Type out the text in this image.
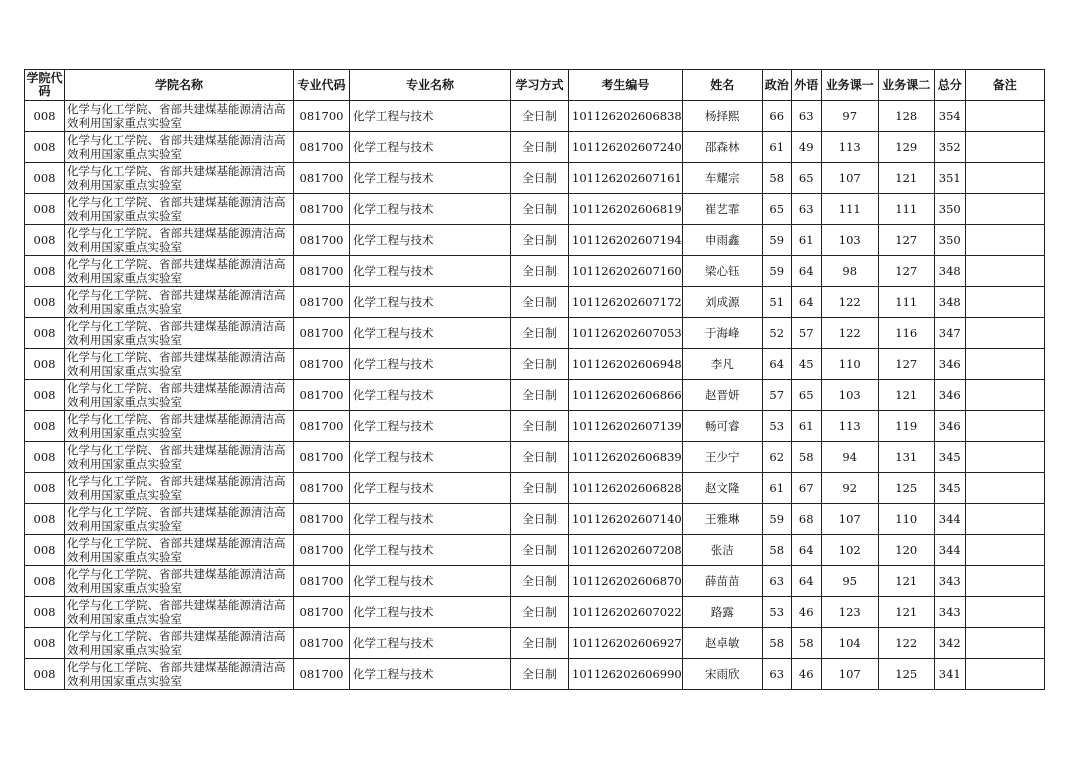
学院代码	学院名称	专业代码	专业名称	学习方式	考生编号	姓名	政治	外语	业务课一	业务课二	总分	备注
008	化学与化工学院、省部共建煤基能源清洁高效利用国家重点实验室	081700	化学工程与技术	全日制	101126202606838	杨择熙	66	63	97	128	354	
008	化学与化工学院、省部共建煤基能源清洁高效利用国家重点实验室	081700	化学工程与技术	全日制	101126202607240	邵森林	61	49	113	129	352	
008	化学与化工学院、省部共建煤基能源清洁高效利用国家重点实验室	081700	化学工程与技术	全日制	101126202607161	车耀宗	58	65	107	121	351	
008	化学与化工学院、省部共建煤基能源清洁高效利用国家重点实验室	081700	化学工程与技术	全日制	101126202606819	崔艺霏	65	63	111	111	350	
008	化学与化工学院、省部共建煤基能源清洁高效利用国家重点实验室	081700	化学工程与技术	全日制	101126202607194	申雨鑫	59	61	103	127	350	
008	化学与化工学院、省部共建煤基能源清洁高效利用国家重点实验室	081700	化学工程与技术	全日制	101126202607160	梁心钰	59	64	98	127	348	
008	化学与化工学院、省部共建煤基能源清洁高效利用国家重点实验室	081700	化学工程与技术	全日制	101126202607172	刘成源	51	64	122	111	348	
008	化学与化工学院、省部共建煤基能源清洁高效利用国家重点实验室	081700	化学工程与技术	全日制	101126202607053	于海峰	52	57	122	116	347	
008	化学与化工学院、省部共建煤基能源清洁高效利用国家重点实验室	081700	化学工程与技术	全日制	101126202606948	李凡	64	45	110	127	346	
008	化学与化工学院、省部共建煤基能源清洁高效利用国家重点实验室	081700	化学工程与技术	全日制	101126202606866	赵晋妍	57	65	103	121	346	
008	化学与化工学院、省部共建煤基能源清洁高效利用国家重点实验室	081700	化学工程与技术	全日制	101126202607139	畅可睿	53	61	113	119	346	
008	化学与化工学院、省部共建煤基能源清洁高效利用国家重点实验室	081700	化学工程与技术	全日制	101126202606839	王少宁	62	58	94	131	345	
008	化学与化工学院、省部共建煤基能源清洁高效利用国家重点实验室	081700	化学工程与技术	全日制	101126202606828	赵文隆	61	67	92	125	345	
008	化学与化工学院、省部共建煤基能源清洁高效利用国家重点实验室	081700	化学工程与技术	全日制	101126202607140	王雅琳	59	68	107	110	344	
008	化学与化工学院、省部共建煤基能源清洁高效利用国家重点实验室	081700	化学工程与技术	全日制	101126202607208	张洁	58	64	102	120	344	
008	化学与化工学院、省部共建煤基能源清洁高效利用国家重点实验室	081700	化学工程与技术	全日制	101126202606870	薛苗苗	63	64	95	121	343	
008	化学与化工学院、省部共建煤基能源清洁高效利用国家重点实验室	081700	化学工程与技术	全日制	101126202607022	路露	53	46	123	121	343	
008	化学与化工学院、省部共建煤基能源清洁高效利用国家重点实验室	081700	化学工程与技术	全日制	101126202606927	赵卓敏	58	58	104	122	342	
008	化学与化工学院、省部共建煤基能源清洁高效利用国家重点实验室	081700	化学工程与技术	全日制	101126202606990	宋雨欣	63	46	107	125	341	
